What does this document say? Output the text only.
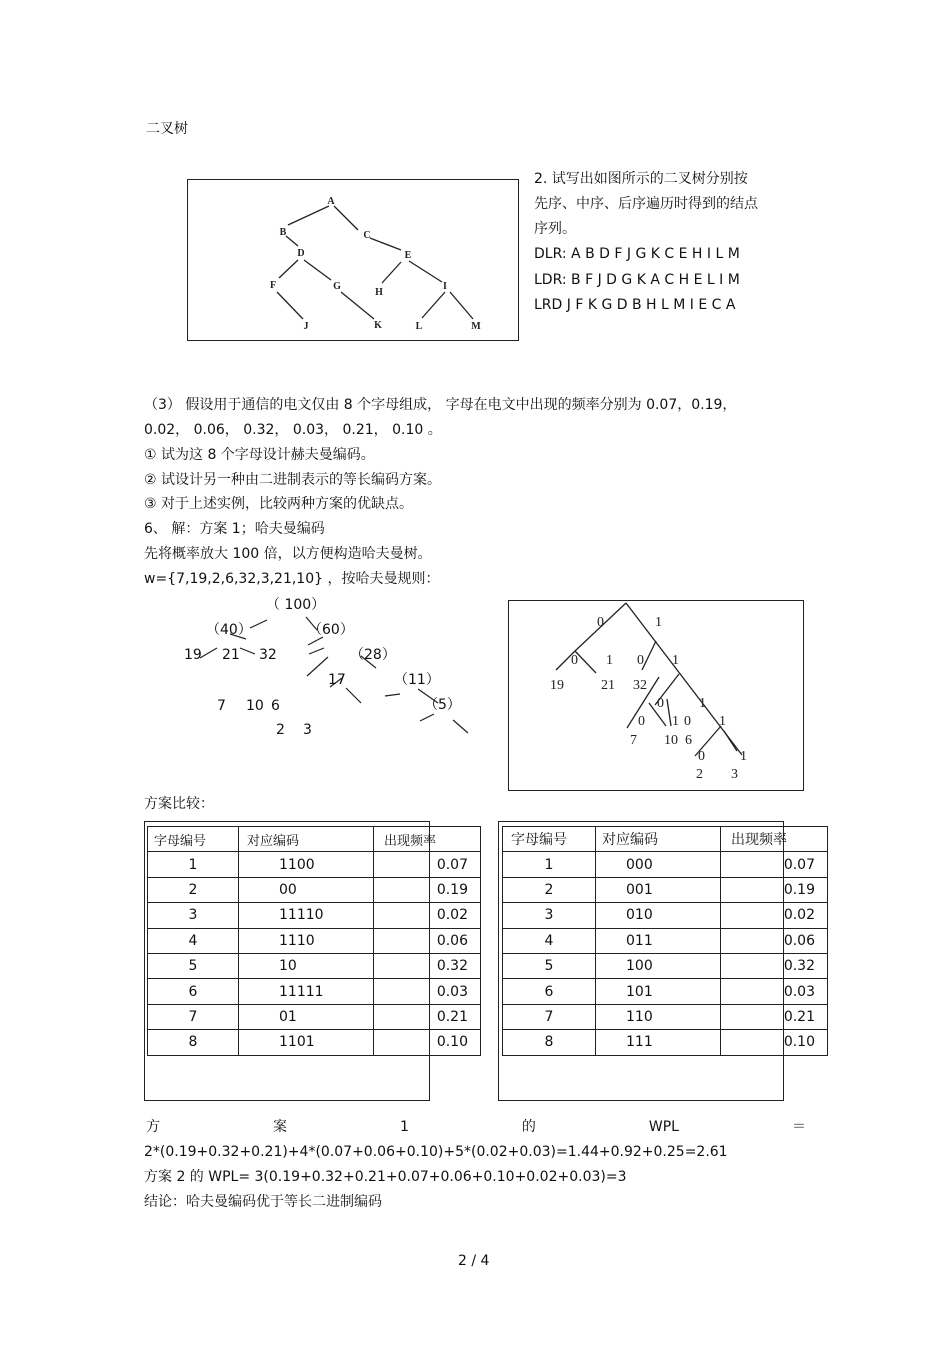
二叉树
A
B	C
D	E
F	G
H
I
J	K	L	M
2. 试写出如图所示的二叉树分别按
先序、中序、后序遍历时得到的结点
序列。
DLR: A B D F J G K C E H I L M
LDR: B F J D G K A C H E L I M
LRD J F K G D B H L M I E C A
（3） 假设用于通信的电文仅由 8 个字母组成， 字母在电文中出现的频率分别为 0.07，0.19，
0.02， 0.06， 0.32， 0.03， 0.21， 0.10 。
① 试为这 8 个字母设计赫夫曼编码。
② 试设计另一种由二进制表示的等长编码方案。
③ 对于上述实例，比较两种方案的优缺点。
6、 解：方案 1；哈夫曼编码
先将概率放大 100 倍，以方便构造哈夫曼树。
w={7,19,2,6,32,3,21,10} ，按哈夫曼规则：
（ 100）
（40）	（60）
19 21 32	（28）
17	（11）
7 10 6	（5）
2 3
0	1
0 1 0 1
0	1
0 1 0 1
0	1
19	21 32
7 10 6
2 3
方案比较：
字母编号	对应编码	出现频率
1	1100	0.07
2	00	0.19
3	11110	0.02
4	1110	0.06
5	10	0.32
6	11111	0.03
7	01	0.21
8	1101	0.10
字母编号	对应编码	出现频率
1	000	0.07
2	001	0.19
3	010	0.02
4	011	0.06
5	100	0.32
6	101	0.03
7	110	0.21
8	111	0.10
方	案	1	的	WPL	＝
2*(0.19+0.32+0.21)+4*(0.07+0.06+0.10)+5*(0.02+0.03)=1.44+0.92+0.25=2.61
方案 2 的 WPL= 3(0.19+0.32+0.21+0.07+0.06+0.10+0.02+0.03)=3
结论：哈夫曼编码优于等长二进制编码
2 / 4
